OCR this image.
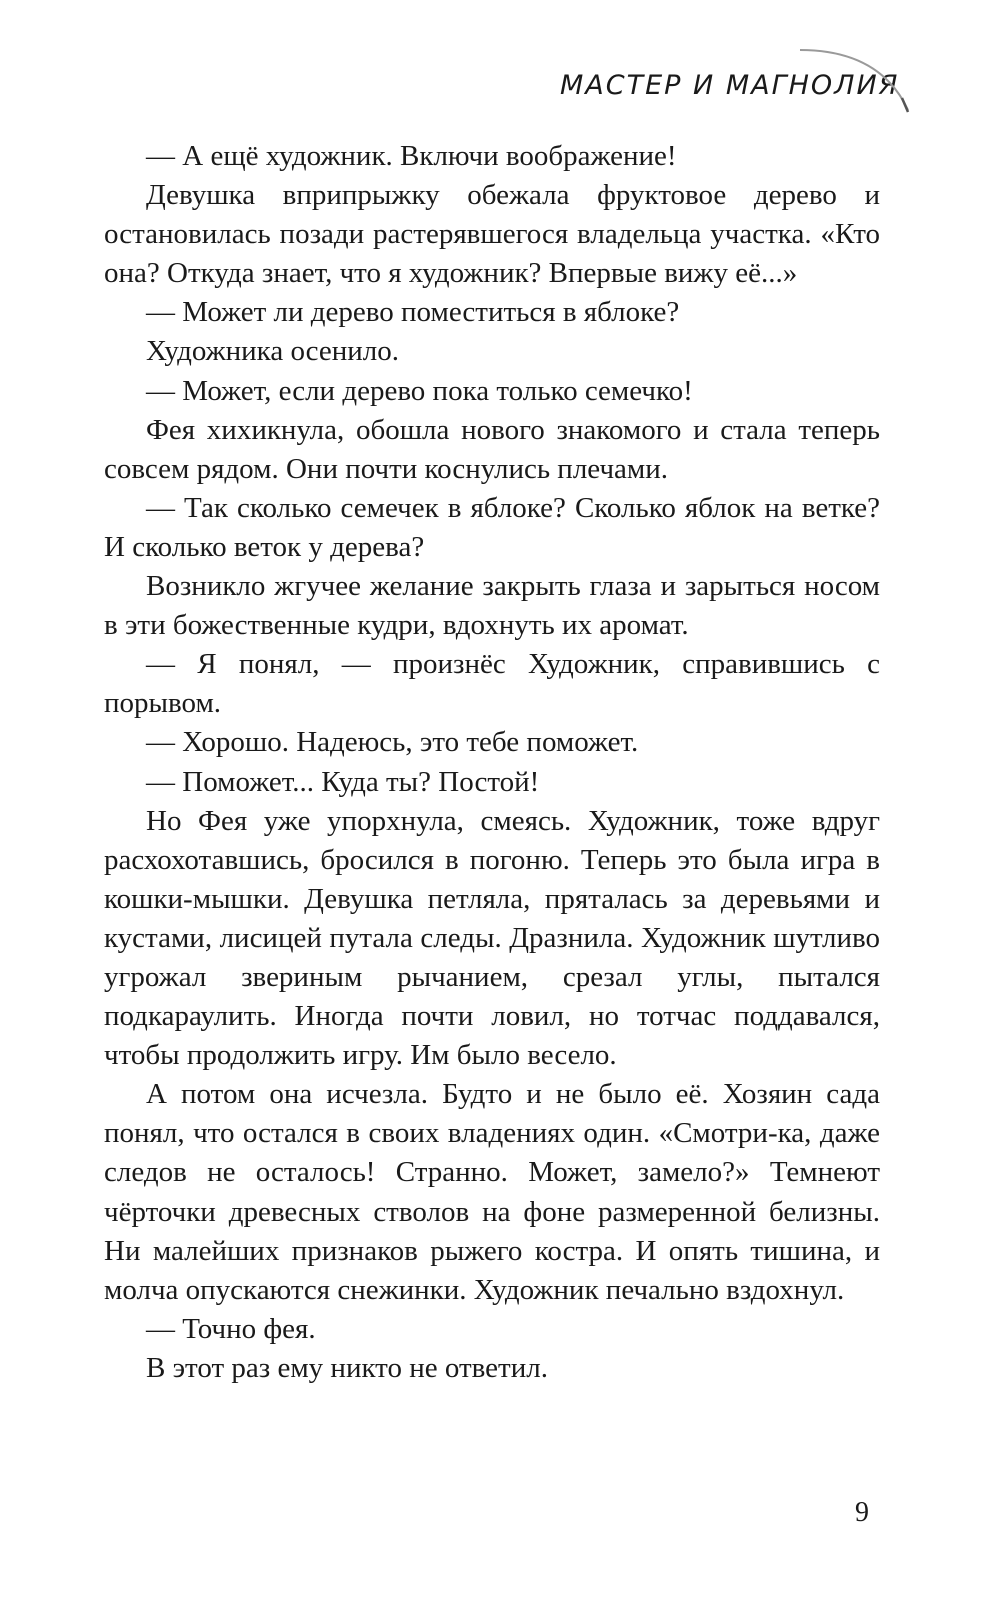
МАСТЕР И МАГНОЛИЯ

— А ещё художник. Включи воображение!

Девушка вприпрыжку обежала фруктовое дерево и остановилась позади растерявшегося владельца участка. «Кто она? Откуда знает, что я художник? Впервые вижу её...»

— Может ли дерево поместиться в яблоке?

Художника осенило.

— Может, если дерево пока только семечко!

Фея хихикнула, обошла нового знакомого и стала теперь совсем рядом. Они почти коснулись плечами.

— Так сколько семечек в яблоке? Сколько яблок на ветке? И сколько веток у дерева?

Возникло жгучее желание закрыть глаза и зарыться носом в эти божественные кудри, вдохнуть их аромат.

— Я понял, — произнёс Художник, справившись с порывом.

— Хорошо. Надеюсь, это тебе поможет.

— Поможет... Куда ты? Постой!

Но Фея уже упорхнула, смеясь. Художник, тоже вдруг расхохотавшись, бросился в погоню. Теперь это была игра в кошки-мышки. Девушка петляла, пряталась за деревьями и кустами, лисицей путала следы. Дразнила. Художник шутливо угрожал звериным рычанием, срезал углы, пытался подкараулить. Иногда почти ловил, но тотчас поддавался, чтобы продолжить игру. Им было весело.

А потом она исчезла. Будто и не было её. Хозяин сада понял, что остался в своих владениях один. «Смотри-ка, даже следов не осталось! Странно. Может, замело?» Темнеют чёрточки древесных стволов на фоне размеренной белизны. Ни малейших признаков рыжего костра. И опять тишина, и молча опускаются снежинки. Художник печально вздохнул.

— Точно фея.

В этот раз ему никто не ответил.

9
